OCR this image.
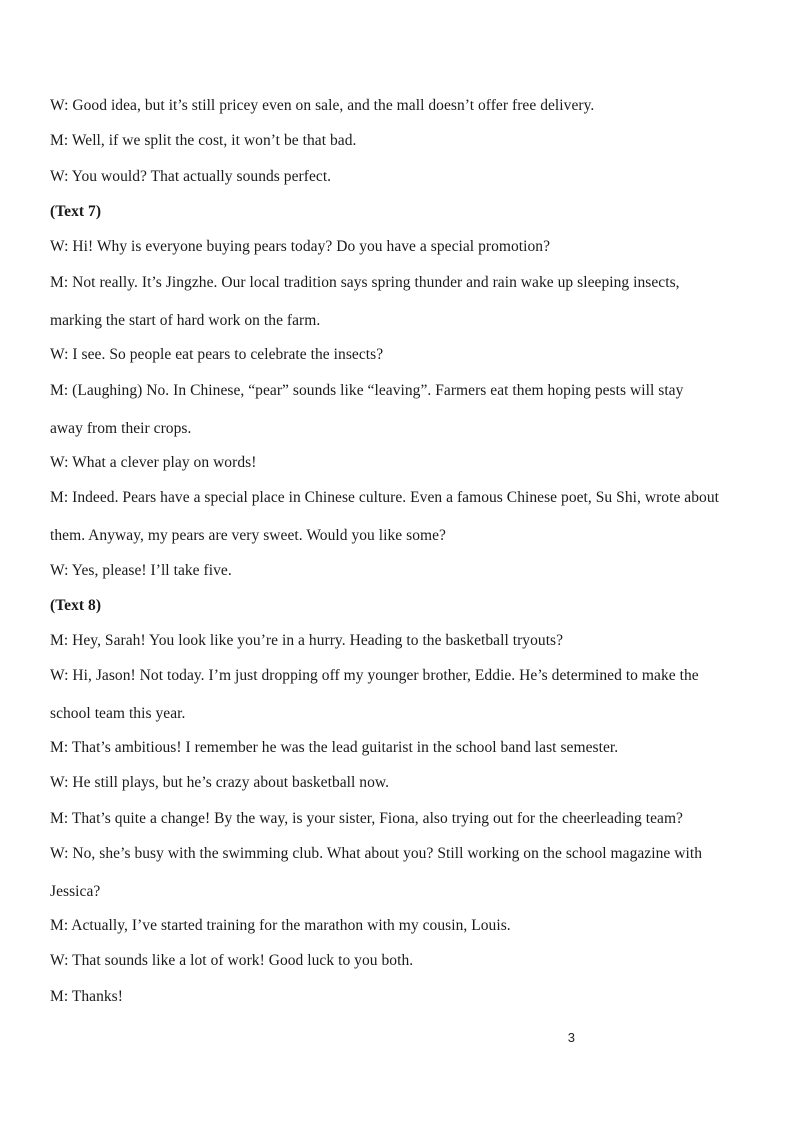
W: Good idea, but it’s still pricey even on sale, and the mall doesn’t offer free delivery.
M: Well, if we split the cost, it won’t be that bad.
W: You would? That actually sounds perfect.
(Text 7)
W: Hi! Why is everyone buying pears today? Do you have a special promotion?
M: Not really. It’s Jingzhe. Our local tradition says spring thunder and rain wake up sleeping insects,
marking the start of hard work on the farm.
W: I see. So people eat pears to celebrate the insects?
M: (Laughing) No. In Chinese, “pear” sounds like “leaving”. Farmers eat them hoping pests will stay
away from their crops.
W: What a clever play on words!
M: Indeed. Pears have a special place in Chinese culture. Even a famous Chinese poet, Su Shi, wrote about
them. Anyway, my pears are very sweet. Would you like some?
W: Yes, please! I’ll take five.
(Text 8)
M: Hey, Sarah! You look like you’re in a hurry. Heading to the basketball tryouts?
W: Hi, Jason! Not today. I’m just dropping off my younger brother, Eddie. He’s determined to make the
school team this year.
M: That’s ambitious! I remember he was the lead guitarist in the school band last semester.
W: He still plays, but he’s crazy about basketball now.
M: That’s quite a change! By the way, is your sister, Fiona, also trying out for the cheerleading team?
W: No, she’s busy with the swimming club. What about you? Still working on the school magazine with
Jessica?
M: Actually, I’ve started training for the marathon with my cousin, Louis.
W: That sounds like a lot of work! Good luck to you both.
M: Thanks!
3
